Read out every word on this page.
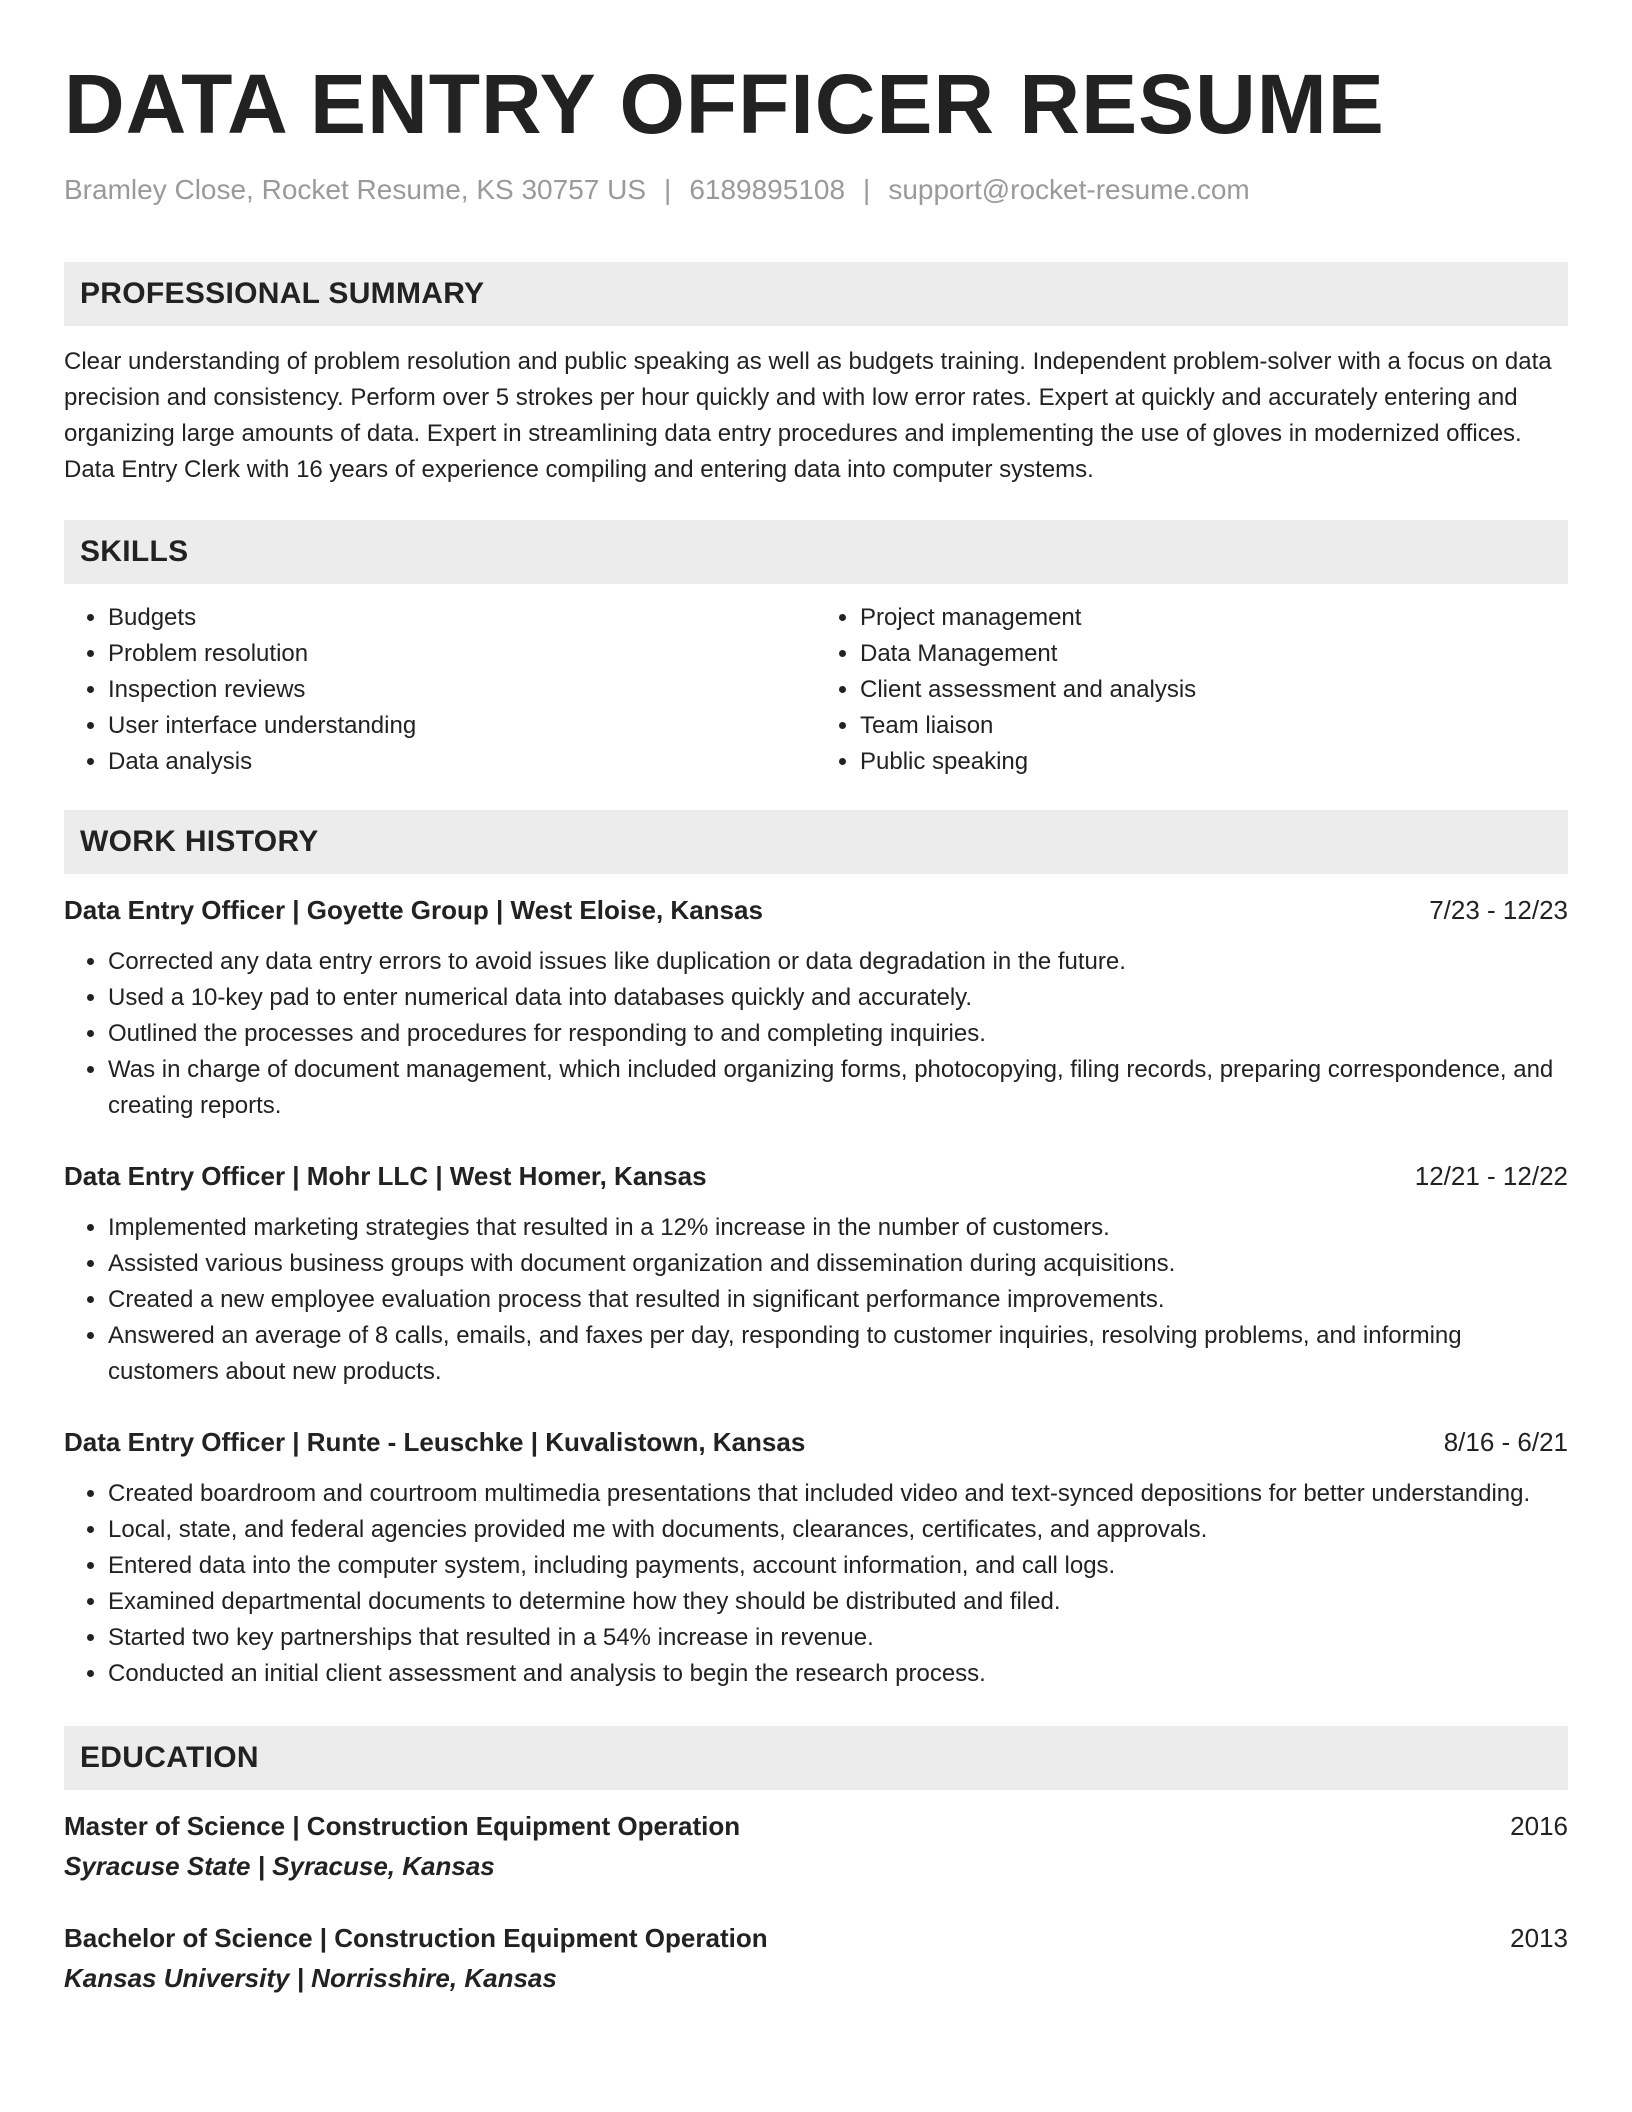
DATA ENTRY OFFICER RESUME
Bramley Close, Rocket Resume, KS 30757 US | 6189895108 | support@rocket-resume.com
PROFESSIONAL SUMMARY
Clear understanding of problem resolution and public speaking as well as budgets training. Independent problem-solver with a focus on data precision and consistency. Perform over 5 strokes per hour quickly and with low error rates. Expert at quickly and accurately entering and organizing large amounts of data. Expert in streamlining data entry procedures and implementing the use of gloves in modernized offices. Data Entry Clerk with 16 years of experience compiling and entering data into computer systems.
SKILLS
• Budgets
• Problem resolution
• Inspection reviews
• User interface understanding
• Data analysis
• Project management
• Data Management
• Client assessment and analysis
• Team liaison
• Public speaking
WORK HISTORY
Data Entry Officer | Goyette Group | West Eloise, Kansas	7/23 - 12/23
• Corrected any data entry errors to avoid issues like duplication or data degradation in the future.
• Used a 10-key pad to enter numerical data into databases quickly and accurately.
• Outlined the processes and procedures for responding to and completing inquiries.
• Was in charge of document management, which included organizing forms, photocopying, filing records, preparing correspondence, and creating reports.
Data Entry Officer | Mohr LLC | West Homer, Kansas	12/21 - 12/22
• Implemented marketing strategies that resulted in a 12% increase in the number of customers.
• Assisted various business groups with document organization and dissemination during acquisitions.
• Created a new employee evaluation process that resulted in significant performance improvements.
• Answered an average of 8 calls, emails, and faxes per day, responding to customer inquiries, resolving problems, and informing customers about new products.
Data Entry Officer | Runte - Leuschke | Kuvalistown, Kansas	8/16 - 6/21
• Created boardroom and courtroom multimedia presentations that included video and text-synced depositions for better understanding.
• Local, state, and federal agencies provided me with documents, clearances, certificates, and approvals.
• Entered data into the computer system, including payments, account information, and call logs.
• Examined departmental documents to determine how they should be distributed and filed.
• Started two key partnerships that resulted in a 54% increase in revenue.
• Conducted an initial client assessment and analysis to begin the research process.
EDUCATION
Master of Science | Construction Equipment Operation	2016
Syracuse State | Syracuse, Kansas
Bachelor of Science | Construction Equipment Operation	2013
Kansas University | Norrisshire, Kansas
